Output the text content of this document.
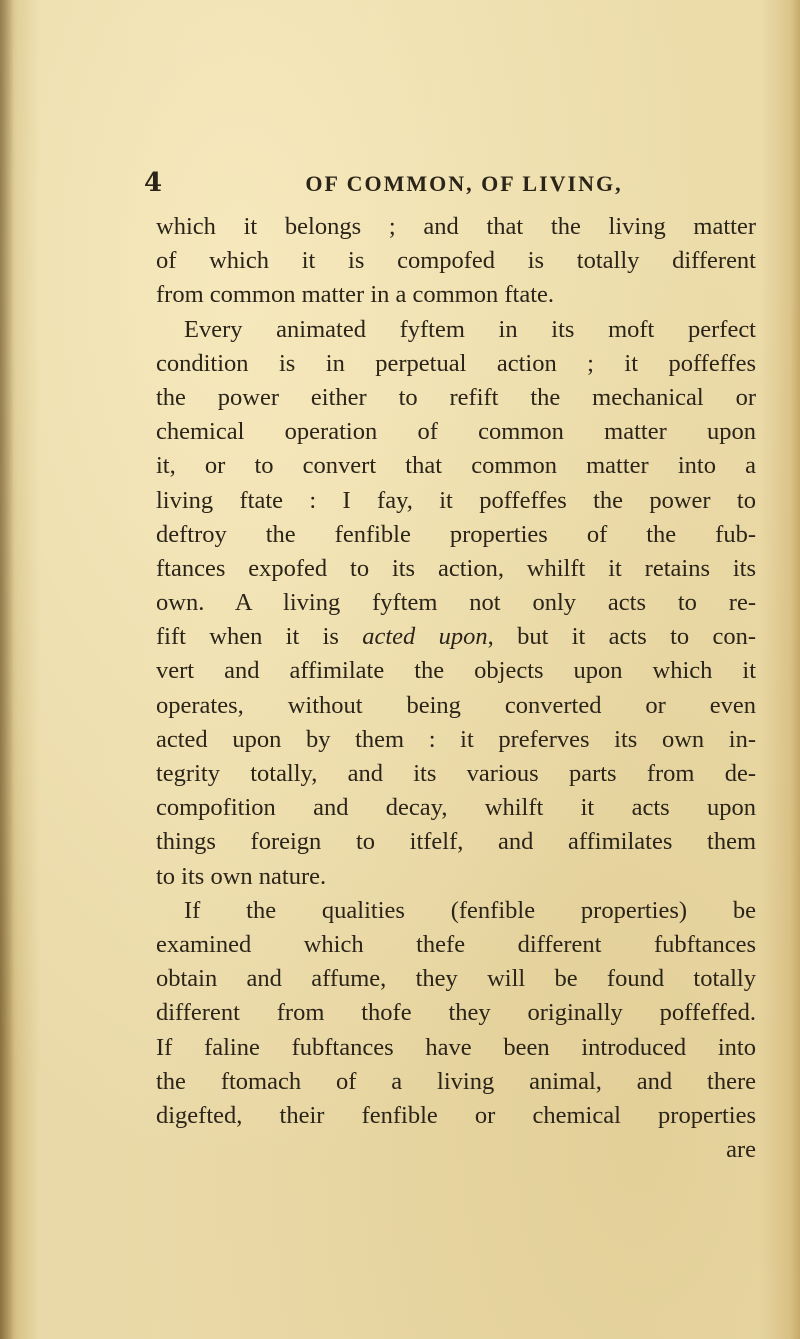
4	OF COMMON, OF LIVING,
which it belongs ; and that the living matter
of which it is compofed is totally different
from common matter in a common ftate.
Every animated fyftem in its moft perfect
condition is in perpetual action ; it poffeffes
the power either to refift the mechanical or
chemical operation of common matter upon
it, or to convert that common matter into a
living ftate : I fay, it poffeffes the power to
deftroy the fenfible properties of the fub-
ftances expofed to its action, whilft it retains its
own. A living fyftem not only acts to re-
fift when it is acted upon, but it acts to con-
vert and affimilate the objects upon which it
operates, without being converted or even
acted upon by them : it preferves its own in-
tegrity totally, and its various parts from de-
compofition and decay, whilft it acts upon
things foreign to itfelf, and affimilates them
to its own nature.
If the qualities (fenfible properties) be
examined which thefe different fubftances
obtain and affume, they will be found totally
different from thofe they originally poffeffed.
If faline fubftances have been introduced into
the ftomach of a living animal, and there
digefted, their fenfible or chemical properties
are
